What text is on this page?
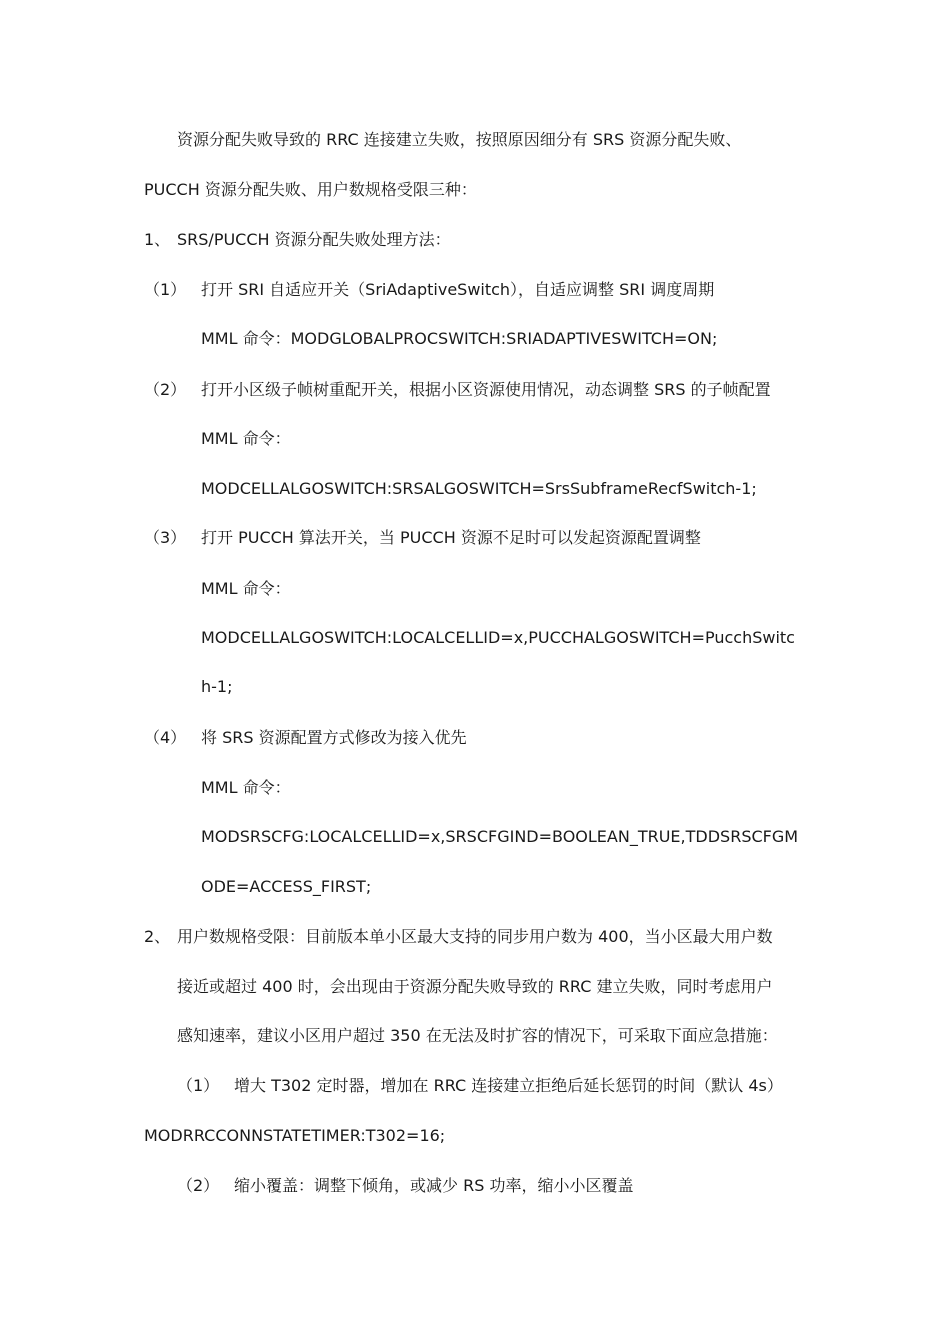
资源分配失败导致的 RRC 连接建立失败，按照原因细分有 SRS 资源分配失败、
PUCCH 资源分配失败、用户数规格受限三种：
1、 SRS/PUCCH 资源分配失败处理方法：
（1） 打开 SRI 自适应开关（SriAdaptiveSwitch），自适应调整 SRI 调度周期
MML 命令：MODGLOBALPROCSWITCH:SRIADAPTIVESWITCH=ON;
（2） 打开小区级子帧树重配开关，根据小区资源使用情况，动态调整 SRS 的子帧配置
MML 命令：
MODCELLALGOSWITCH:SRSALGOSWITCH=SrsSubframeRecfSwitch-1;
（3） 打开 PUCCH 算法开关，当 PUCCH 资源不足时可以发起资源配置调整
MML 命令：
MODCELLALGOSWITCH:LOCALCELLID=x,PUCCHALGOSWITCH=PucchSwitc
h-1;
（4） 将 SRS 资源配置方式修改为接入优先
MML 命令：
MODSRSCFG:LOCALCELLID=x,SRSCFGIND=BOOLEAN_TRUE,TDDSRSCFGM
ODE=ACCESS_FIRST;
2、 用户数规格受限：目前版本单小区最大支持的同步用户数为 400，当小区最大用户数
接近或超过 400 时，会出现由于资源分配失败导致的 RRC 建立失败，同时考虑用户
感知速率，建议小区用户超过 350 在无法及时扩容的情况下，可采取下面应急措施：
（1） 增大 T302 定时器，增加在 RRC 连接建立拒绝后延长惩罚的时间（默认 4s）
MODRRCCONNSTATETIMER:T302=16;
（2） 缩小覆盖：调整下倾角，或减少 RS 功率，缩小小区覆盖
